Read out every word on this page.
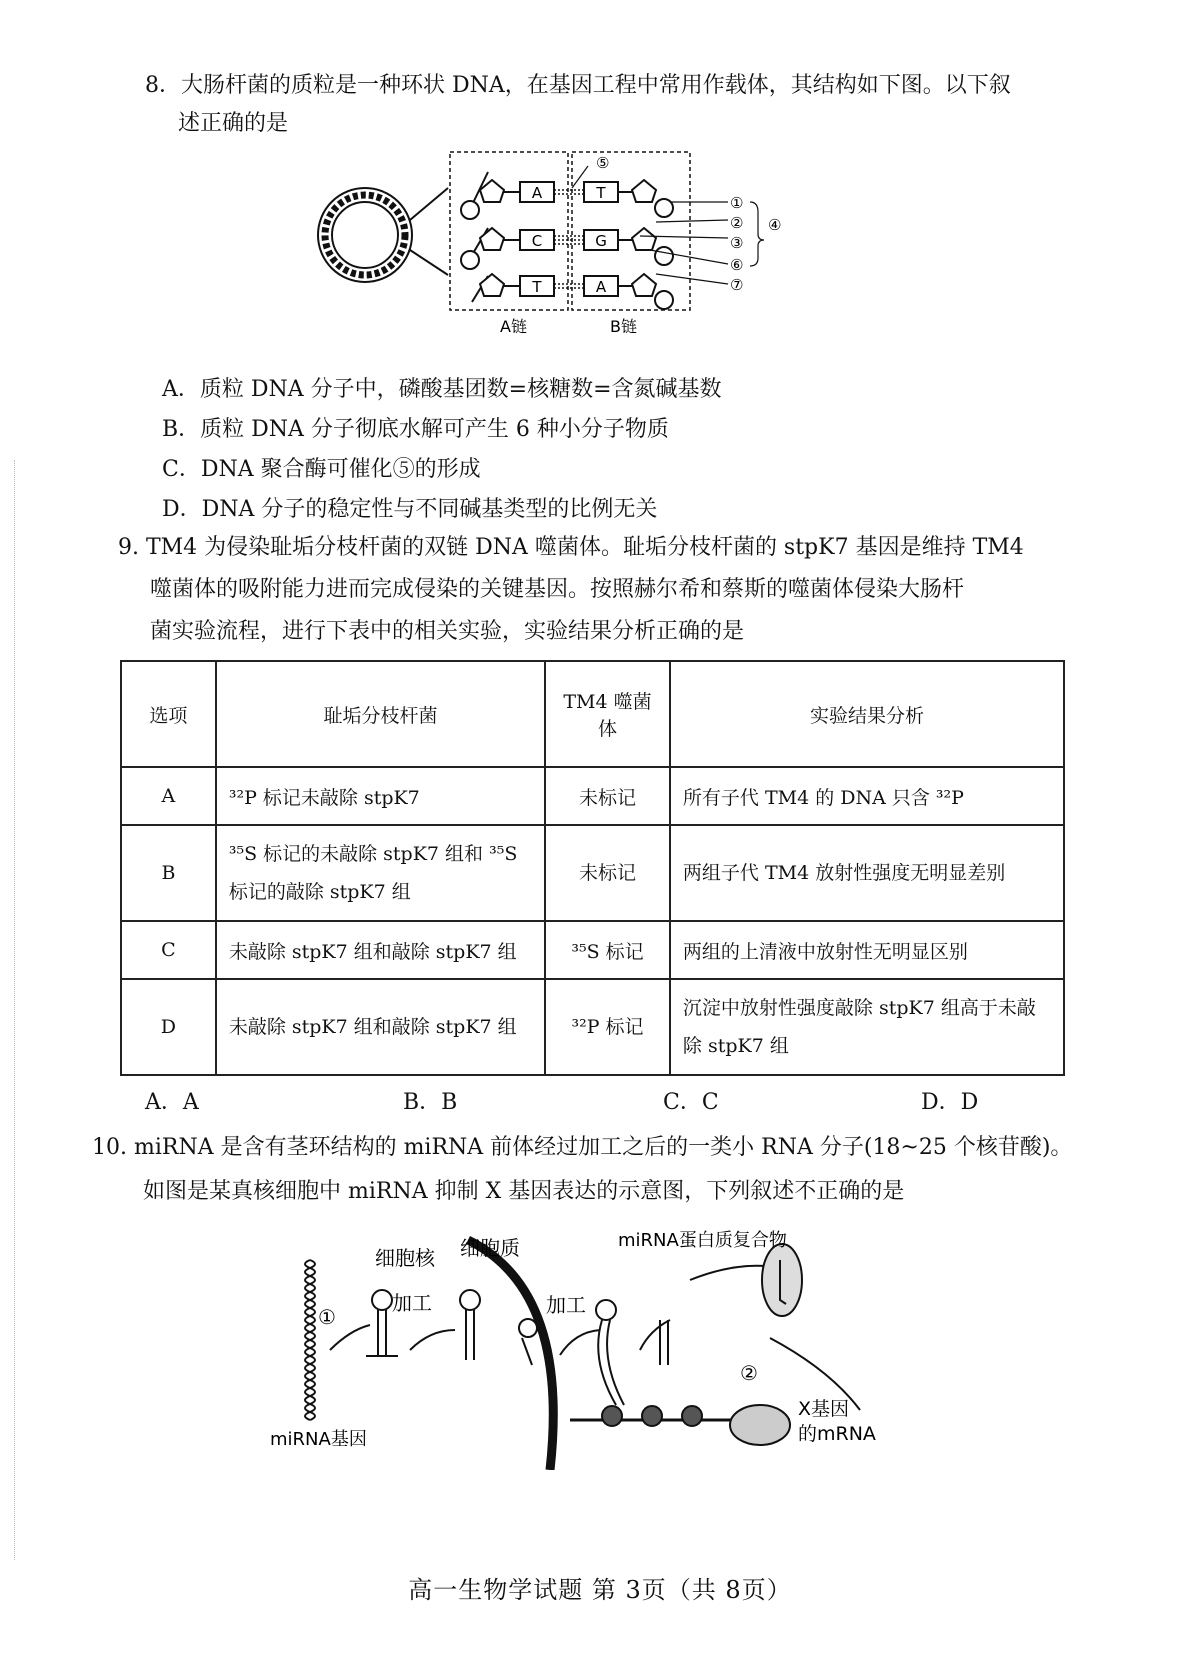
8．大肠杆菌的质粒是一种环状 DNA，在基因工程中常用作载体，其结构如下图。以下叙
述正确的是
A
C
T
T
G
A
⑤
①
②
③
④
⑥
⑦
A链	B链
A．质粒 DNA 分子中，磷酸基团数=核糖数=含氮碱基数
B．质粒 DNA 分子彻底水解可产生 6 种小分子物质
C．DNA 聚合酶可催化⑤的形成
D．DNA 分子的稳定性与不同碱基类型的比例无关
9. TM4 为侵染耻垢分枝杆菌的双链 DNA 噬菌体。耻垢分枝杆菌的 stpK7 基因是维持 TM4
噬菌体的吸附能力进而完成侵染的关键基因。按照赫尔希和蔡斯的噬菌体侵染大肠杆
菌实验流程，进行下表中的相关实验，实验结果分析正确的是
选项	耻垢分枝杆菌	TM4 噬菌体	实验结果分析
A	³²P 标记未敲除 stpK7	未标记	所有子代 TM4 的 DNA 只含 ³²P
B	³⁵S 标记的未敲除 stpK7 组和 ³⁵S 标记的敲除 stpK7 组	未标记	两组子代 TM4 放射性强度无明显差别
C	未敲除 stpK7 组和敲除 stpK7 组	³⁵S 标记	两组的上清液中放射性无明显区别
D	未敲除 stpK7 组和敲除 stpK7 组	³²P 标记	沉淀中放射性强度敲除 stpK7 组高于未敲除 stpK7 组
A．A	B．B	C．C	D．D
10. miRNA 是含有茎环结构的 miRNA 前体经过加工之后的一类小 RNA 分子(18~25 个核苷酸)。
如图是某真核细胞中 miRNA 抑制 X 基因表达的示意图，下列叙述不正确的是
细胞核 细胞质	miRNA蛋白质复合物
①
加工	加工
②
miRNA基因
X基因
的mRNA
高一生物学试题 第 3页（共 8页）
